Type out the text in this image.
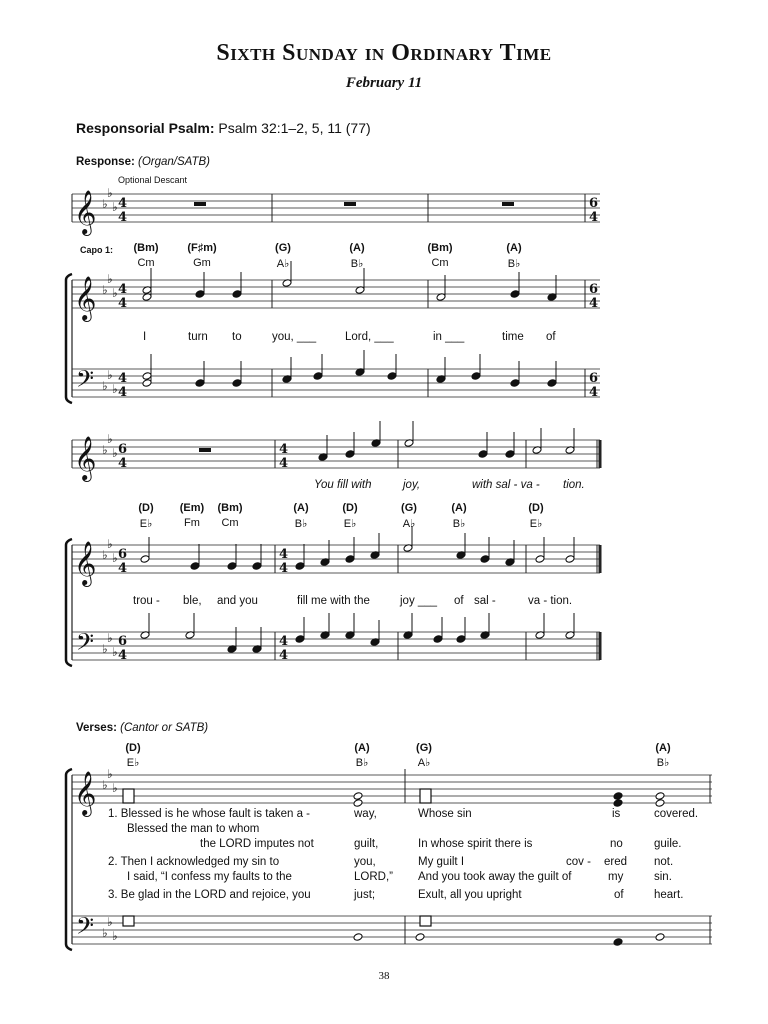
Sixth Sunday in Ordinary Time
February 11
Responsorial Psalm: Psalm 32:1–2, 5, 11 (77)
Response: (Organ/SATB)
Optional Descant
Capo 1:	(Bm)	(F♯m)	(G)	(A)	(Bm)	(A)
Cm	Gm	A♭	B♭	Cm	B♭
I	turn to	you, ___	Lord, ___	in ___	time of
You fill with	joy,	with sal - va - tion.
(D)	(Em)	(Bm)	(A)	(D)	(G)	(A)	(D)
E♭	Fm	Cm	B♭	E♭	A♭	B♭	E♭
trou - ble, and you	fill me with the	joy ___ of sal -	va - tion.
Verses: (Cantor or SATB)
(D)	(A)	(G)	(A)
E♭	B♭	A♭	B♭
1. Blessed is he whose fault is taken a -	way,	Whose sin	is	covered.
Blessed the man to whom
the LORD imputes not	guilt,	In whose spirit there is	no	guile.
2. Then I acknowledged my sin to	you,	My guilt I	cov - ered not.
I said, “I confess my faults to the	LORD,” And you took away the guilt of	my	sin.
3. Be glad in the LORD and rejoice, you	just;	Exult, all you upright	of	heart.
38
𝄞 ♭
♭
♭ 4
4
6
4
𝄞 ♭
♭
♭ 4
4
𝄢 ♭
♭
♭
4
4
6
4
6
4
𝄞 ♭
♭
♭ 6
4
4
4
𝄞 ♭
♭
♭ 6
4
𝄢 ♭
♭
♭
6
4
4
4
4
4
𝄞 ♭
♭
♭
𝄢 ♭
♭
♭
